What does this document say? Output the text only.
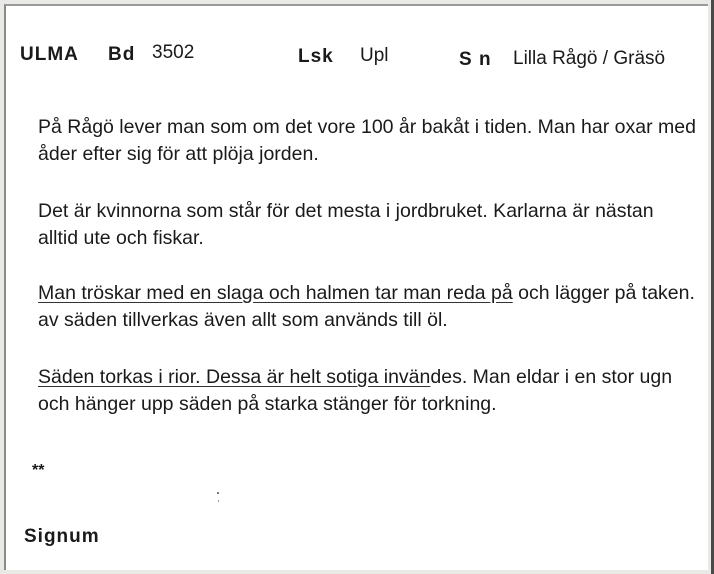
ULMA Bd 3502	Lsk Upl	S n Lilla Rågö / Gräsö

På Rågö lever man som om det vore 100 år bakåt i tiden. Man har oxar med åder efter sig för att plöja jorden.

Det är kvinnorna som står för det mesta i jordbruket. Karlarna är nästan alltid ute och fiskar.

Man tröskar med en slaga och halmen tar man reda på och lägger på taken. av säden tillverkas även allt som används till öl.

Säden torkas i rior. Dessa är helt sotiga invändes. Man eldar i en stor ugn och hänger upp säden på starka stänger för torkning.

**
Signum
